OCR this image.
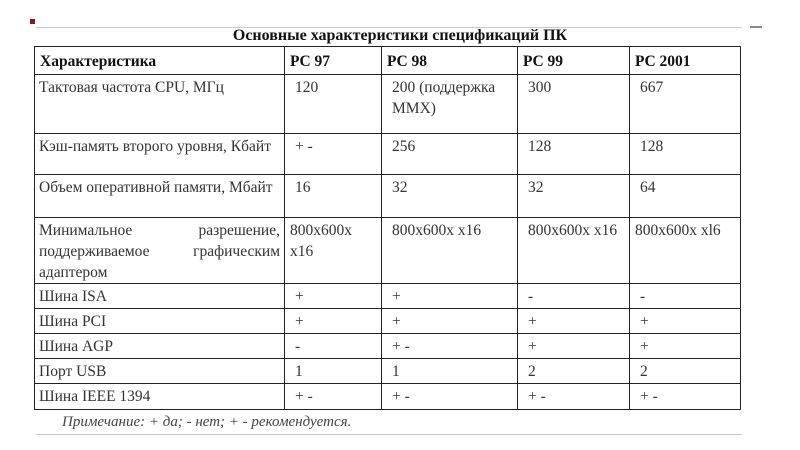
Основные характеристики спецификаций ПК
Характеристика	PC 97	PC 98	PC 99	PC 2001
Тактовая частота CPU, МГц	120	200 (поддержка MMX)	300	667
Кэш-память второго уровня, Кбайт	+ -	256	128	128
Объем оперативной памяти, Мбайт	16	32	32	64
Минимальное разрешение, поддерживаемое графическим адаптером	800x600x x16	800x600x x16	800x600x x16	800x600x xl6
Шина ISA	+	+	-	-
Шина PCI	+	+	+	+
Шина AGP	-	+ -	+	+
Порт USB	1	1	2	2
Шина IEEE 1394	+ -	+ -	+ -	+ -
Примечание: + да; - нет; + - рекомендуется.
